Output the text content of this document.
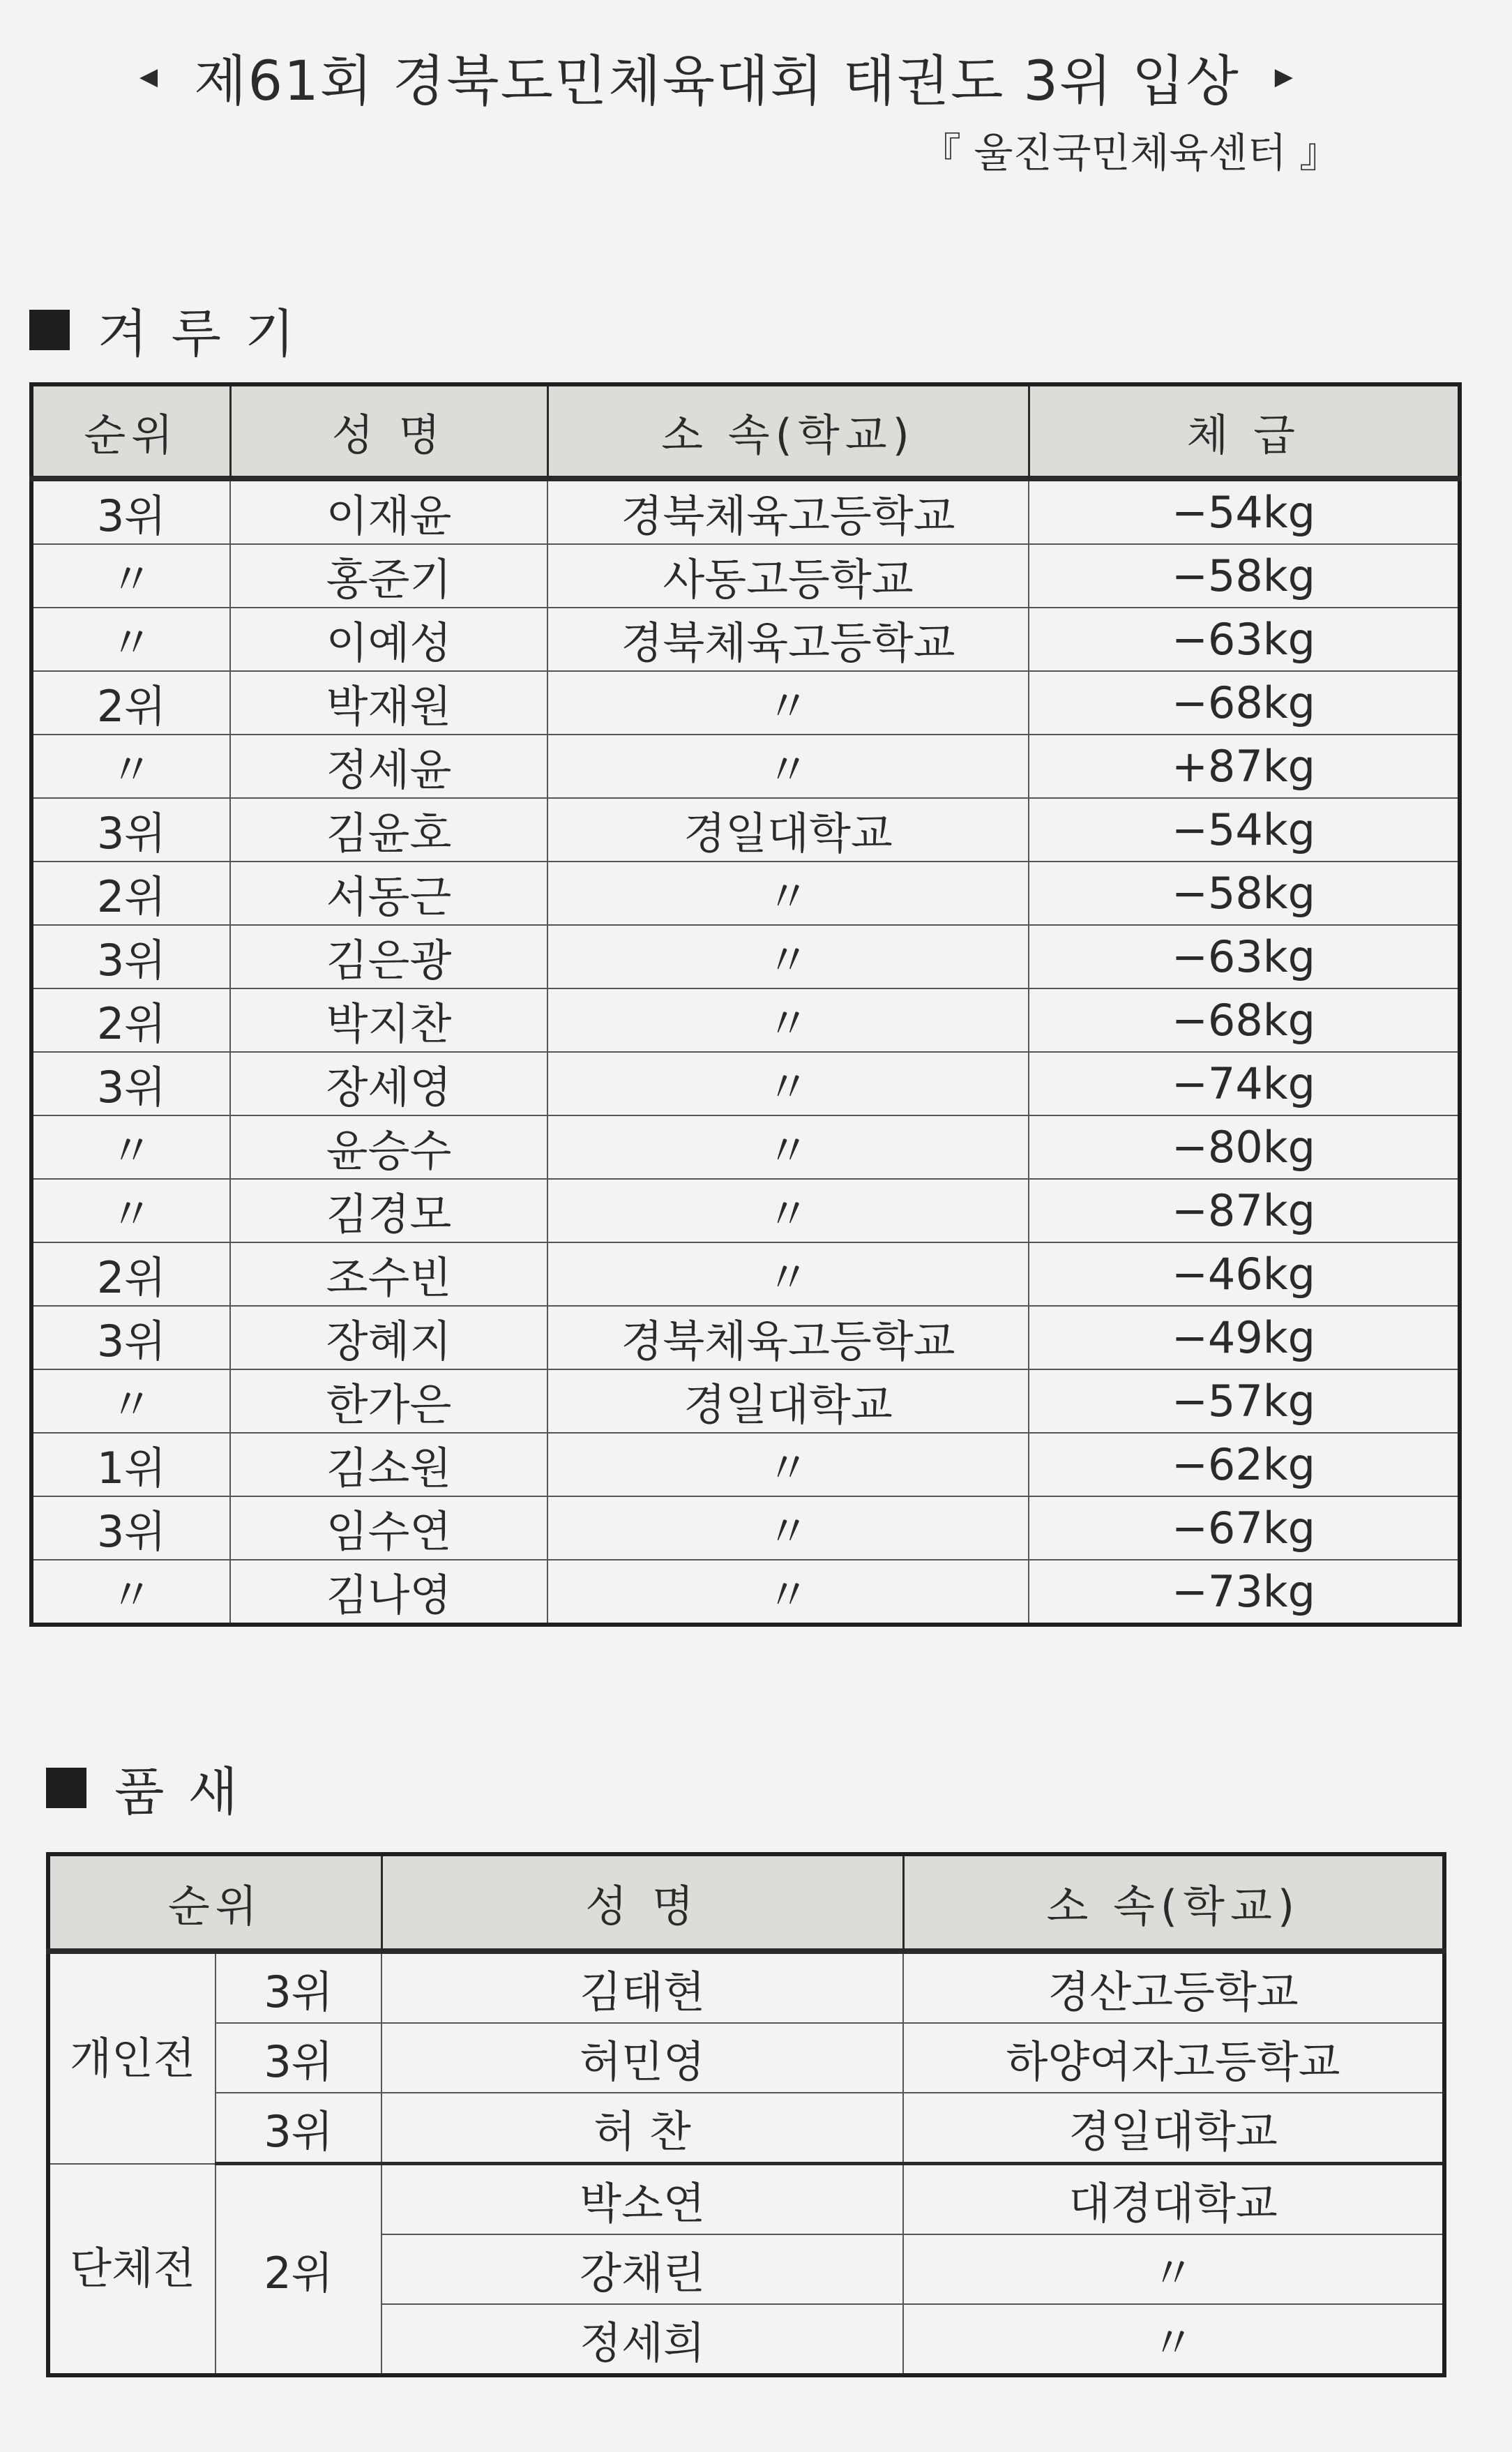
◀ 제61회 경북도민체육대회 태권도 3위 입상 ▶
『 울진국민체육센터 』
겨루기
순위	성 명	소 속(학교)	체 급
3위	이재윤	경북체육고등학교	−54kg
〃	홍준기	사동고등학교	−58kg
〃	이예성	경북체육고등학교	−63kg
2위	박재원	〃	−68kg
〃	정세윤	〃	+87kg
3위	김윤호	경일대학교	−54kg
2위	서동근	〃	−58kg
3위	김은광	〃	−63kg
2위	박지찬	〃	−68kg
3위	장세영	〃	−74kg
〃	윤승수	〃	−80kg
〃	김경모	〃	−87kg
2위	조수빈	〃	−46kg
3위	장혜지	경북체육고등학교	−49kg
〃	한가은	경일대학교	−57kg
1위	김소원	〃	−62kg
3위	임수연	〃	−67kg
〃	김나영	〃	−73kg
품새
순위		성 명	소 속(학교)
개인전	3위	김태현	경산고등학교
	3위	허민영	하양여자고등학교
	3위	허 찬	경일대학교
단체전	2위	박소연	대경대학교
		강채린	〃
		정세희	〃
